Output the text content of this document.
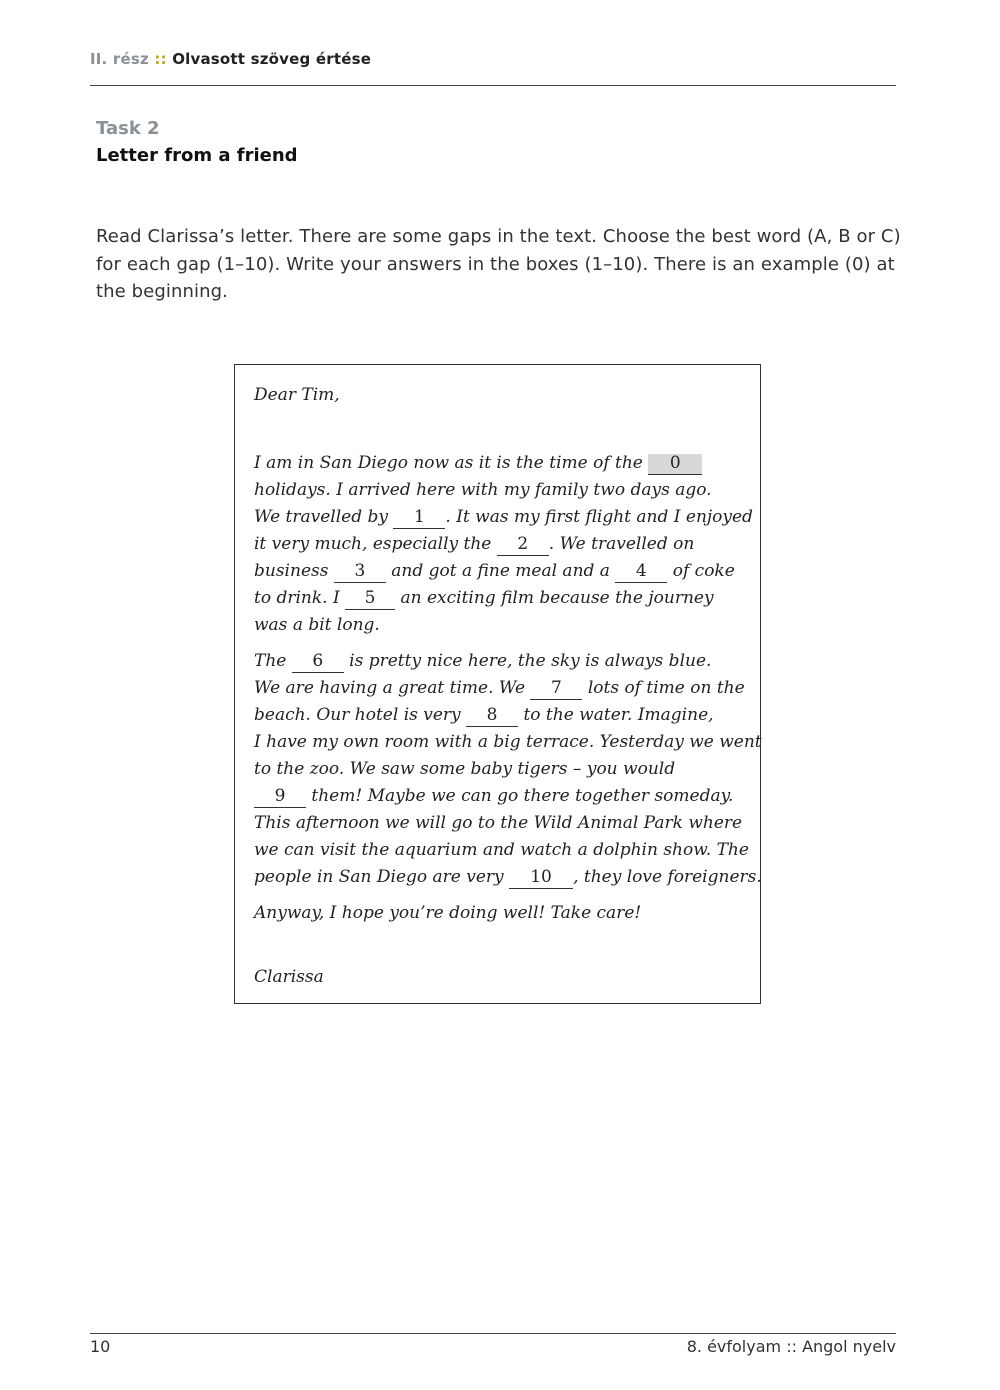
II. rész :: Olvasott szöveg értése
Task 2
Letter from a friend
Read Clarissa’s letter. There are some gaps in the text. Choose the best word (A, B or C) for each gap (1–10). Write your answers in the boxes (1–10). There is an example (0) at the beginning.
Dear Tim,
I am in San Diego now as it is the time of the 0
holidays. I arrived here with my family two days ago.
We travelled by 1 . It was my first flight and I enjoyed
it very much, especially the 2 . We travelled on
business 3 and got a fine meal and a 4 of coke
to drink. I 5 an exciting film because the journey
was a bit long.
The 6 is pretty nice here, the sky is always blue.
We are having a great time. We 7 lots of time on the
beach. Our hotel is very 8 to the water. Imagine,
I have my own room with a big terrace. Yesterday we went
to the zoo. We saw some baby tigers – you would
9 them! Maybe we can go there together someday.
This afternoon we will go to the Wild Animal Park where
we can visit the aquarium and watch a dolphin show. The
people in San Diego are very 10 , they love foreigners.
Anyway, I hope you’re doing well! Take care!
Clarissa
10	8. évfolyam :: Angol nyelv
